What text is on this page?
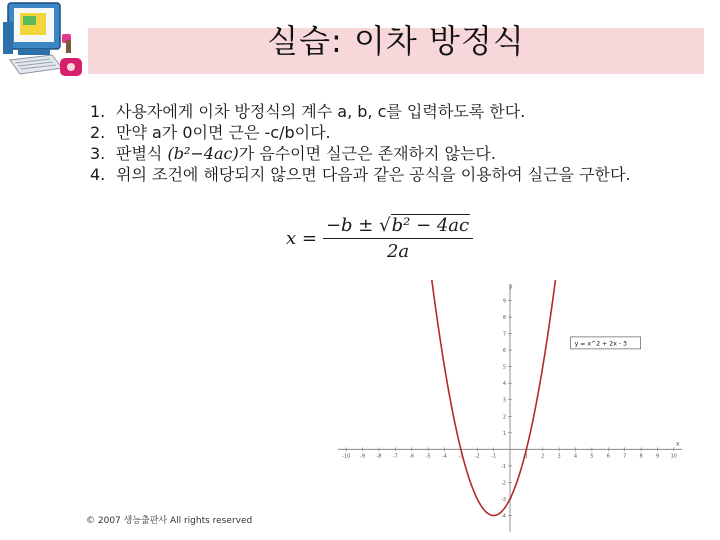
실습: 이차 방정식
1. 사용자에게 이차 방정식의 계수 a, b, c를 입력하도록 한다.
2. 만약 a가 0이면 근은 -c/b이다.
3. 판별식 (b²−4ac)가 음수이면 실근은 존재하지 않는다.
4. 위의 조건에 해당되지 않으면 다음과 같은 공식을 이용하여 실근을 구한다.
$x = \frac{\text{−b ± √b² − 4ac}}{2a}$
x
y
-10 -9 -8 -7 -6 -5 -4 -3 -2 -1	1	2	3	4	5	6	7	8	9 10
-4
-3
-2
-1
1
2
3
4
5
6
7
8
9
y = x^2 + 2x - 3
© 2007 생능출판사 All rights reserved
